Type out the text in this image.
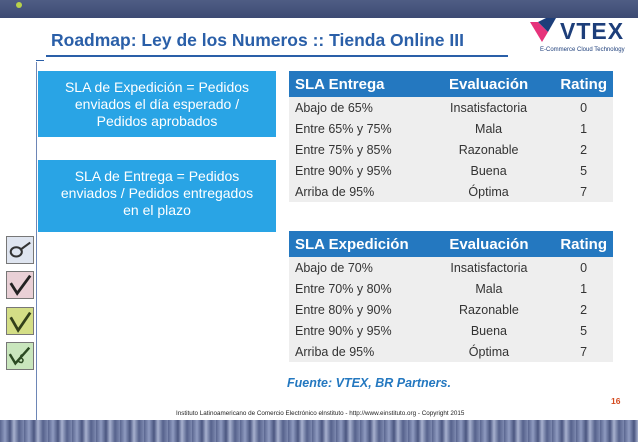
Roadmap: Ley de los Numeros :: Tienda Online III	VTEX
E-Commerce Cloud Technology
SLA de Expedición = Pedidos
enviados el día esperado /
Pedidos aprobados
SLA de Entrega = Pedidos
enviados / Pedidos entregados
en el plazo
SLA Entrega	Evaluación	Rating
Abajo de 65%	Insatisfactoria	0
Entre 65% y 75%	Mala	1
Entre 75% y 85%	Razonable	2
Entre 90% y 95%	Buena	5
Arriba de 95%	Óptima	7
SLA Expedición	Evaluación	Rating
Abajo de 70%	Insatisfactoria	0
Entre 70% y 80%	Mala	1
Entre 80% y 90%	Razonable	2
Entre 90% y 95%	Buena	5
Arriba de 95%	Óptima	7
Fuente: VTEX, BR Partners.
16
Instituto Latinoamericano de Comercio Electrónico elnstituto - http://www.einstituto.org - Copyright 2015
